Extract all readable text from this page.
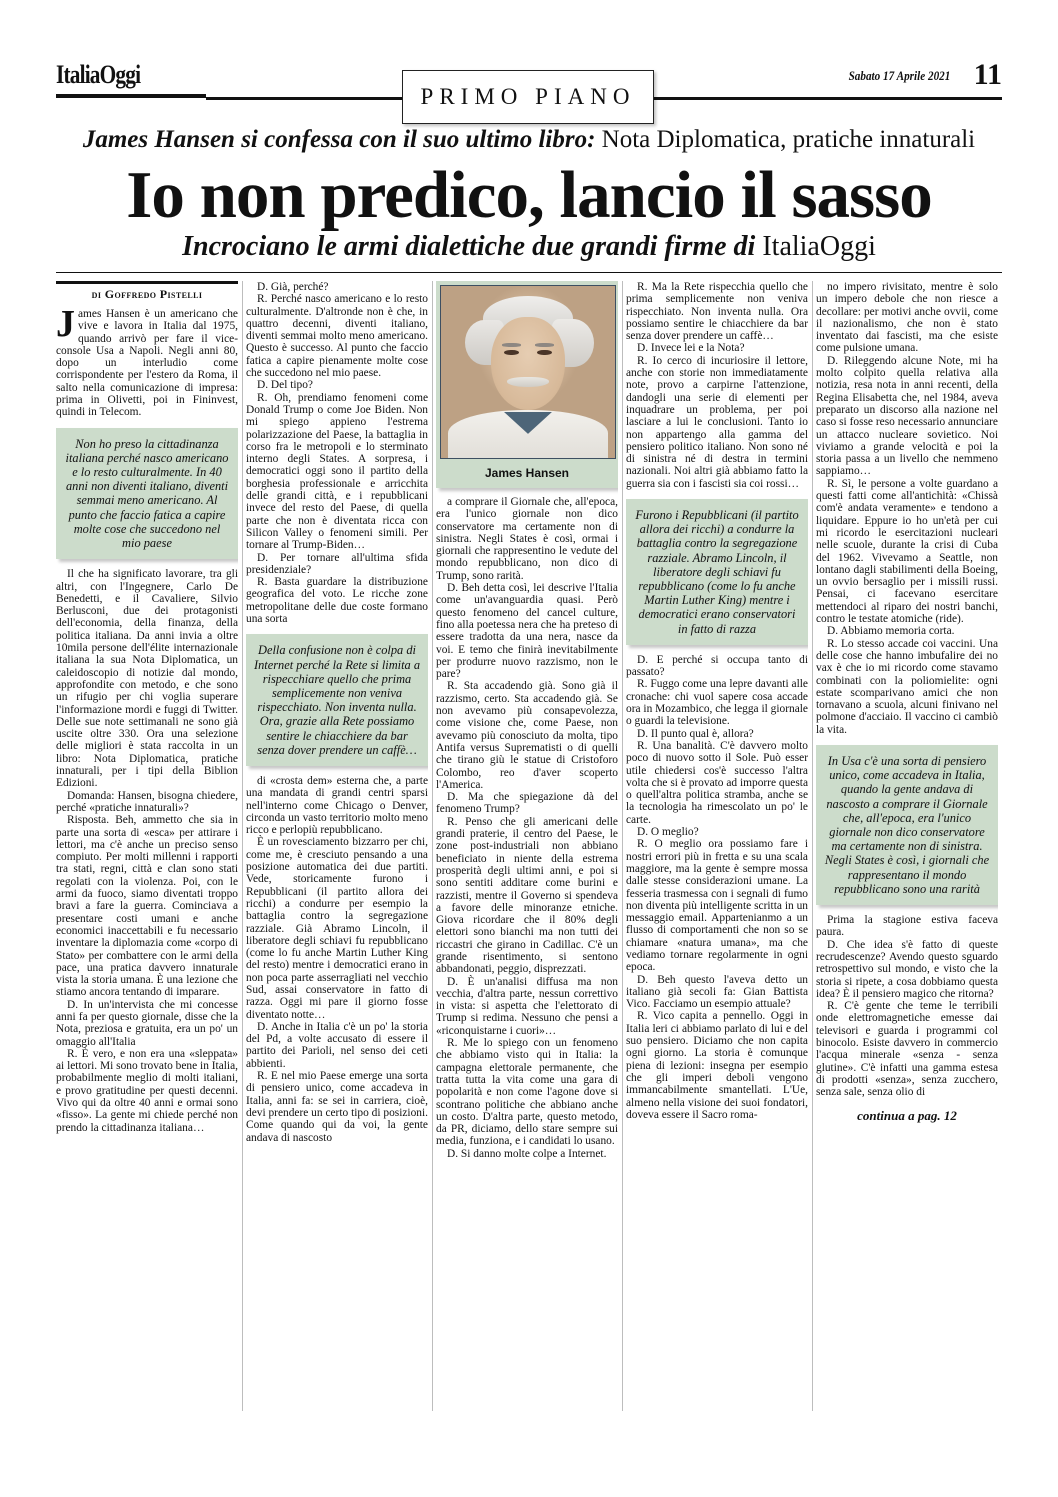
ItaliaOggi
PRIMO PIANO
Sabato 17 Aprile 2021 11
James Hansen si confessa con il suo ultimo libro: Nota Diplomatica, pratiche innaturali
Io non predico, lancio il sasso
Incrociano le armi dialettiche due grandi firme di ItaliaOggi
di Goffredo Pistelli

James Hansen è un americano che vive e lavora in Italia dal 1975, quando arrivò per fare il vice-console Usa a Napoli. Negli anni 80, dopo un interludio come corrispondente per l'estero da Roma, il salto nella comunicazione di impresa: prima in Olivetti, poi in Fininvest, quindi in Telecom.

Non ho preso la cittadinanza italiana perché nasco americano e lo resto culturalmente. In 40 anni non diventi italiano, diventi semmai meno americano. Al punto che faccio fatica a capire molte cose che succedono nel mio paese

Il che ha significato lavorare, tra gli altri, con l'Ingegnere, Carlo De Benedetti, e il Cavaliere, Silvio Berlusconi, due dei protagonisti dell'economia, della finanza, della politica italiana. Da anni invia a oltre 10mila persone dell'élite internazionale italiana la sua Nota Diplomatica, un caleidoscopio di notizie dal mondo, approfondite con metodo, e che sono un rifugio per chi voglia superare l'informazione mordi e fuggi di Twitter. Delle sue note settimanali ne sono già uscite oltre 330. Ora una selezione delle migliori è stata raccolta in un libro: Nota Diplomatica, pratiche innaturali, per i tipi della Biblion Edizioni.

Domanda: Hansen, bisogna chiedere, perché «pratiche innaturali»?

Risposta. Beh, ammetto che sia in parte una sorta di «esca» per attirare i lettori, ma c'è anche un preciso senso compiuto. Per molti millenni i rapporti tra stati, regni, città e clan sono stati regolati con la violenza. Poi, con le armi da fuoco, siamo diventati troppo bravi a fare la guerra. Cominciava a presentare costi umani e anche economici inaccettabili e fu necessario inventare la diplomazia come «corpo di Stato» per combattere con le armi della pace, una pratica davvero innaturale vista la storia umana. È una lezione che stiamo ancora tentando di imparare.

D. In un'intervista che mi concesse anni fa per questo giornale, disse che la Nota, preziosa e gratuita, era un po' un omaggio all'Italia

R. È vero, e non era una «sleppata» ai lettori. Mi sono trovato bene in Italia, probabilmente meglio di molti italiani, e provo gratitudine per questi decenni. Vivo qui da oltre 40 anni e ormai sono «fisso». La gente mi chiede perché non prendo la cittadinanza italiana…

D. Già, perché?

R. Perché nasco americano e lo resto culturalmente. D'altronde non è che, in quattro decenni, diventi italiano, diventi semmai molto meno americano. Questo è successo. Al punto che faccio fatica a capire pienamente molte cose che succedono nel mio paese.

D. Del tipo?

R. Oh, prendiamo fenomeni come Donald Trump o come Joe Biden. Non mi spiego appieno l'estrema polarizzazione del Paese, la battaglia in corso fra le metropoli e lo sterminato interno degli States. A sorpresa, i democratici oggi sono il partito della borghesia professionale e arricchita delle grandi città, e i repubblicani invece del resto del Paese, di quella parte che non è diventata ricca con Silicon Valley o fenomeni simili. Per tornare al Trump-Biden…

D. Per tornare all'ultima sfida presidenziale?

R. Basta guardare la distribuzione geografica del voto. Le ricche zone metropolitane delle due coste formano una sorta

Della confusione non è colpa di Internet perché la Rete si limita a rispecchiare quello che prima semplicemente non veniva rispecchiato. Non inventa nulla. Ora, grazie alla Rete possiamo sentire le chiacchiere da bar senza dover prendere un caffè…

di «crosta dem» esterna che, a parte una mandata di grandi centri sparsi nell'interno come Chicago o Denver, circonda un vasto territorio molto meno ricco e perlopiù repubblicano.

È un rovesciamento bizzarro per chi, come me, è cresciuto pensando a una posizione automatica dei due partiti. Vede, storicamente furono i Repubblicani (il partito allora dei ricchi) a condurre per esempio la battaglia contro la segregazione razziale. Già Abramo Lincoln, il liberatore degli schiavi fu repubblicano (come lo fu anche Martin Luther King del resto) mentre i democratici erano in non poca parte asserragliati nel vecchio Sud, assai conservatore in fatto di razza. Oggi mi pare il giorno fosse diventato notte…

D. Anche in Italia c'è un po' la storia del Pd, a volte accusato di essere il partito dei Parioli, nel senso dei ceti abbienti.

R. E nel mio Paese emerge una sorta di pensiero unico, come accadeva in Italia, anni fa: se sei in carriera, cioè, devi prendere un certo tipo di posizioni. Come quando qui da voi, la gente andava di nascosto

James Hansen

a comprare il Giornale che, all'epoca, era l'unico giornale non dico conservatore ma certamente non di sinistra. Negli States è così, ormai i giornali che rappresentino le vedute del mondo repubblicano, non dico di Trump, sono rarità.

D. Beh detta così, lei descrive l'Italia come un'avanguardia quasi. Però questo fenomeno del cancel culture, fino alla poetessa nera che ha preteso di essere tradotta da una nera, nasce da voi. E temo che finirà inevitabilmente per produrre nuovo razzismo, non le pare?

R. Sta accadendo già. Sono già il razzismo, certo. Sta accadendo già. Se non avevamo più consapevolezza, come visione che, come Paese, non avevamo più conosciuto da molta, tipo Antifa versus Suprematisti o di quelli che tirano giù le statue di Cristoforo Colombo, reo d'aver scoperto l'America.

D. Ma che spiegazione dà del fenomeno Trump?

R. Penso che gli americani delle grandi praterie, il centro del Paese, le zone post-industriali non abbiano beneficiato in niente della estrema prosperità degli ultimi anni, e poi si sono sentiti additare come burini e razzisti, mentre il Governo si spendeva a favore delle minoranze etniche. Giova ricordare che il 80% degli elettori sono bianchi ma non tutti dei riccastri che girano in Cadillac. C'è un grande risentimento, si sentono abbandonati, peggio, disprezzati.

D. È un'analisi diffusa ma non vecchia, d'altra parte, nessun correttivo in vista: si aspetta che l'elettorato di Trump si redima. Nessuno che pensi a «riconquistarne i cuori»…

R. Me lo spiego con un fenomeno che abbiamo visto qui in Italia: la campagna elettorale permanente, che tratta tutta la vita come una gara di popolarità e non come l'agone dove si scontrano politiche che abbiano anche un costo. D'altra parte, questo metodo, da PR, diciamo, dello stare sempre sui media, funziona, e i candidati lo usano.

D. Si danno molte colpe a Internet.

R. Ma la Rete rispecchia quello che prima semplicemente non veniva rispecchiato. Non inventa nulla. Ora possiamo sentire le chiacchiere da bar senza dover prendere un caffè…

D. Invece lei e la Nota?

R. Io cerco di incuriosire il lettore, anche con storie non immediatamente note, provo a carpirne l'attenzione, dandogli una serie di elementi per inquadrare un problema, per poi lasciare a lui le conclusioni. Tanto io non appartengo alla gamma del pensiero politico italiano. Non sono né di sinistra né di destra in termini nazionali. Noi altri già abbiamo fatto la guerra sia con i fascisti sia coi rossi…

Furono i Repubblicani (il partito allora dei ricchi) a condurre la battaglia contro la segregazione razziale. Abramo Lincoln, il liberatore degli schiavi fu repubblicano (come lo fu anche Martin Luther King) mentre i democratici erano conservatori in fatto di razza

D. E perché si occupa tanto di passato?

R. Fuggo come una lepre davanti alle cronache: chi vuol sapere cosa accade ora in Mozambico, che legga il giornale o guardi la televisione.

D. Il punto qual è, allora?

R. Una banalità. C'è davvero molto poco di nuovo sotto il Sole. Può esser utile chiedersi cos'è successo l'altra volta che si è provato ad imporre questa o quell'altra politica stramba, anche se la tecnologia ha rimescolato un po' le carte.

D. O meglio?

R. O meglio ora possiamo fare i nostri errori più in fretta e su una scala maggiore, ma la gente è sempre mossa dalle stesse considerazioni umane. La fesseria trasmessa con i segnali di fumo non diventa più intelligente scritta in un messaggio email. Appartenianmo a un flusso di comportamenti che non so se chiamare «natura umana», ma che vediamo tornare regolarmente in ogni epoca.

D. Beh questo l'aveva detto un italiano già secoli fa: Gian Battista Vico. Facciamo un esempio attuale?

R. Vico capita a pennello. Oggi in Italia leri ci abbiamo parlato di lui e del suo pensiero. Diciamo che non capita ogni giorno. La storia è comunque piena di lezioni: insegna per esempio che gli imperi deboli vengono immancabilmente smantellati. L'Ue, almeno nella visione dei suoi fondatori, doveva essere il Sacro roma-

no impero rivisitato, mentre è solo un impero debole che non riesce a decollare: per motivi anche ovvii, come il nazionalismo, che non è stato inventato dai fascisti, ma che esiste come pulsione umana.

D. Rileggendo alcune Note, mi ha molto colpito quella relativa alla notizia, resa nota in anni recenti, della Regina Elisabetta che, nel 1984, aveva preparato un discorso alla nazione nel caso si fosse reso necessario annunciare un attacco nucleare sovietico. Noi viviamo a grande velocità e poi la storia passa a un livello che nemmeno sappiamo…

R. Sì, le persone a volte guardano a questi fatti come all'antichità: «Chissà com'è andata veramente» e tendono a liquidare. Eppure io ho un'età per cui mi ricordo le esercitazioni nucleari nelle scuole, durante la crisi di Cuba del 1962. Vivevamo a Seattle, non lontano dagli stabilimenti della Boeing, un ovvio bersaglio per i missili russi. Pensai, ci facevano esercitare mettendoci al riparo dei nostri banchi, contro le testate atomiche (ride).

D. Abbiamo memoria corta.

R. Lo stesso accade coi vaccini. Una delle cose che hanno imbufalire dei no vax è che io mi ricordo come stavamo combinati con la poliomielite: ogni estate scomparivano amici che non tornavano a scuola, alcuni finivano nel polmone d'acciaio. Il vaccino ci cambiò la vita.

In Usa c'è una sorta di pensiero unico, come accadeva in Italia, quando la gente andava di nascosto a comprare il Giornale che, all'epoca, era l'unico giornale non dico conservatore ma certamente non di sinistra. Negli States è così, i giornali che rappresentano il mondo repubblicano sono una rarità

Prima la stagione estiva faceva paura.

D. Che idea s'è fatto di queste recrudescenze? Avendo questo sguardo retrospettivo sul mondo, e visto che la storia si ripete, a cosa dobbiamo questa idea? È il pensiero magico che ritorna?

R. C'è gente che teme le terribili onde elettromagnetiche emesse dai televisori e guarda i programmi col binocolo. Esiste davvero in commercio l'acqua minerale «senza - senza glutine». C'è infatti una gamma estesa di prodotti «senza», senza zucchero, senza sale, senza olio di

continua a pag. 12
